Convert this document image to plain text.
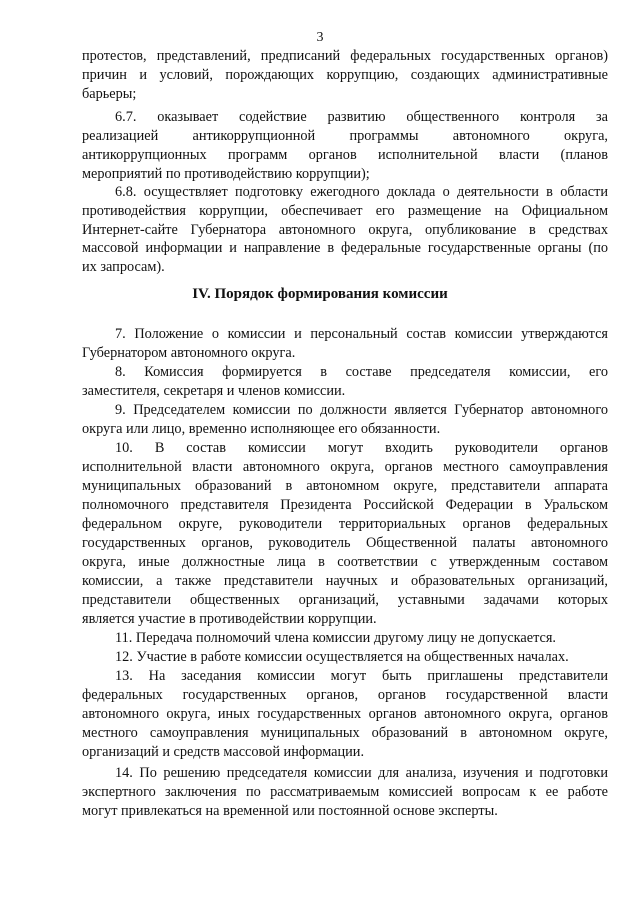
3
протестов, представлений, предписаний федеральных государственных органов)
причин и условий, порождающих коррупцию, создающих административные
барьеры;
6.7. оказывает содействие развитию общественного контроля за
реализацией антикоррупционной программы автономного округа,
антикоррупционных программ органов исполнительной власти (планов
мероприятий по противодействию коррупции);
6.8. осуществляет подготовку ежегодного доклада о деятельности в области
противодействия коррупции, обеспечивает его размещение на Официальном
Интернет-сайте Губернатора автономного округа, опубликование в средствах
массовой информации и направление в федеральные государственные органы (по
их запросам).
IV. Порядок формирования комиссии
7. Положение о комиссии и персональный состав комиссии утверждаются
Губернатором автономного округа.
8. Комиссия формируется в составе председателя комиссии, его
заместителя, секретаря и членов комиссии.
9. Председателем комиссии по должности является Губернатор автономного
округа или лицо, временно исполняющее его обязанности.
10. В состав комиссии могут входить руководители органов
исполнительной власти автономного округа, органов местного самоуправления
муниципальных образований в автономном округе, представители аппарата
полномочного представителя Президента Российской Федерации в Уральском
федеральном округе, руководители территориальных органов федеральных
государственных органов, руководитель Общественной палаты автономного
округа, иные должностные лица в соответствии с утвержденным составом
комиссии, а также представители научных и образовательных организаций,
представители общественных организаций, уставными задачами которых
является участие в противодействии коррупции.
11. Передача полномочий члена комиссии другому лицу не допускается.
12. Участие в работе комиссии осуществляется на общественных началах.
13. На заседания комиссии могут быть приглашены представители
федеральных государственных органов, органов государственной власти
автономного округа, иных государственных органов автономного округа, органов
местного самоуправления муниципальных образований в автономном округе,
организаций и средств массовой информации.
14. По решению председателя комиссии для анализа, изучения и подготовки
экспертного заключения по рассматриваемым комиссией вопросам к ее работе
могут привлекаться на временной или постоянной основе эксперты.
